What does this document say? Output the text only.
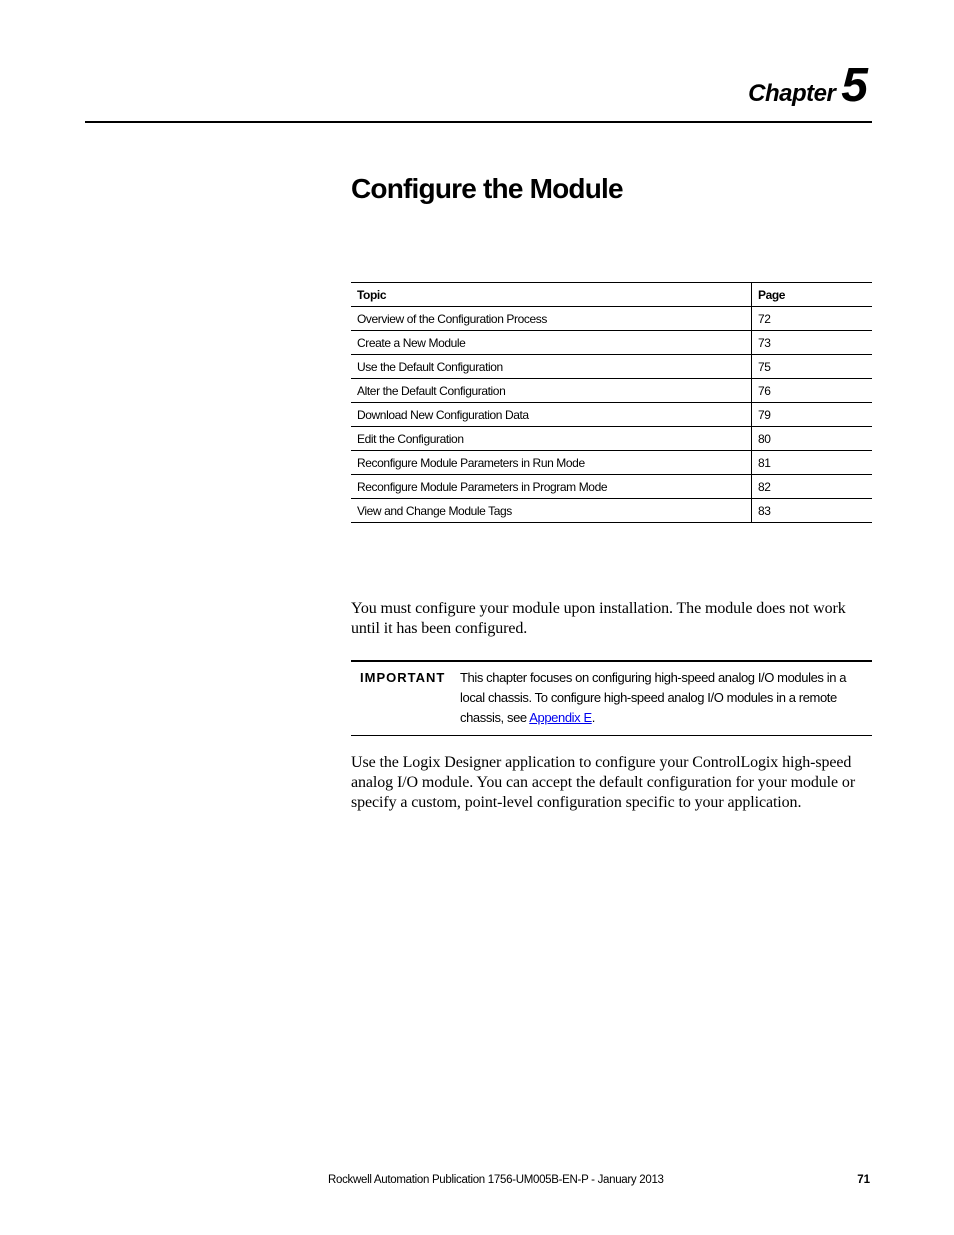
Chapter 5
Configure the Module
Topic	Page
Overview of the Configuration Process	72
Create a New Module	73
Use the Default Configuration	75
Alter the Default Configuration	76
Download New Configuration Data	79
Edit the Configuration	80
Reconfigure Module Parameters in Run Mode	81
Reconfigure Module Parameters in Program Mode	82
View and Change Module Tags	83

You must configure your module upon installation. The module does not work until it has been configured.

IMPORTANT This chapter focuses on configuring high-speed analog I/O modules in a local chassis. To configure high-speed analog I/O modules in a remote chassis, see Appendix E.

Use the Logix Designer application to configure your ControlLogix high-speed analog I/O module. You can accept the default configuration for your module or specify a custom, point-level configuration specific to your application.

Rockwell Automation Publication 1756-UM005B-EN-P - January 2013	71
